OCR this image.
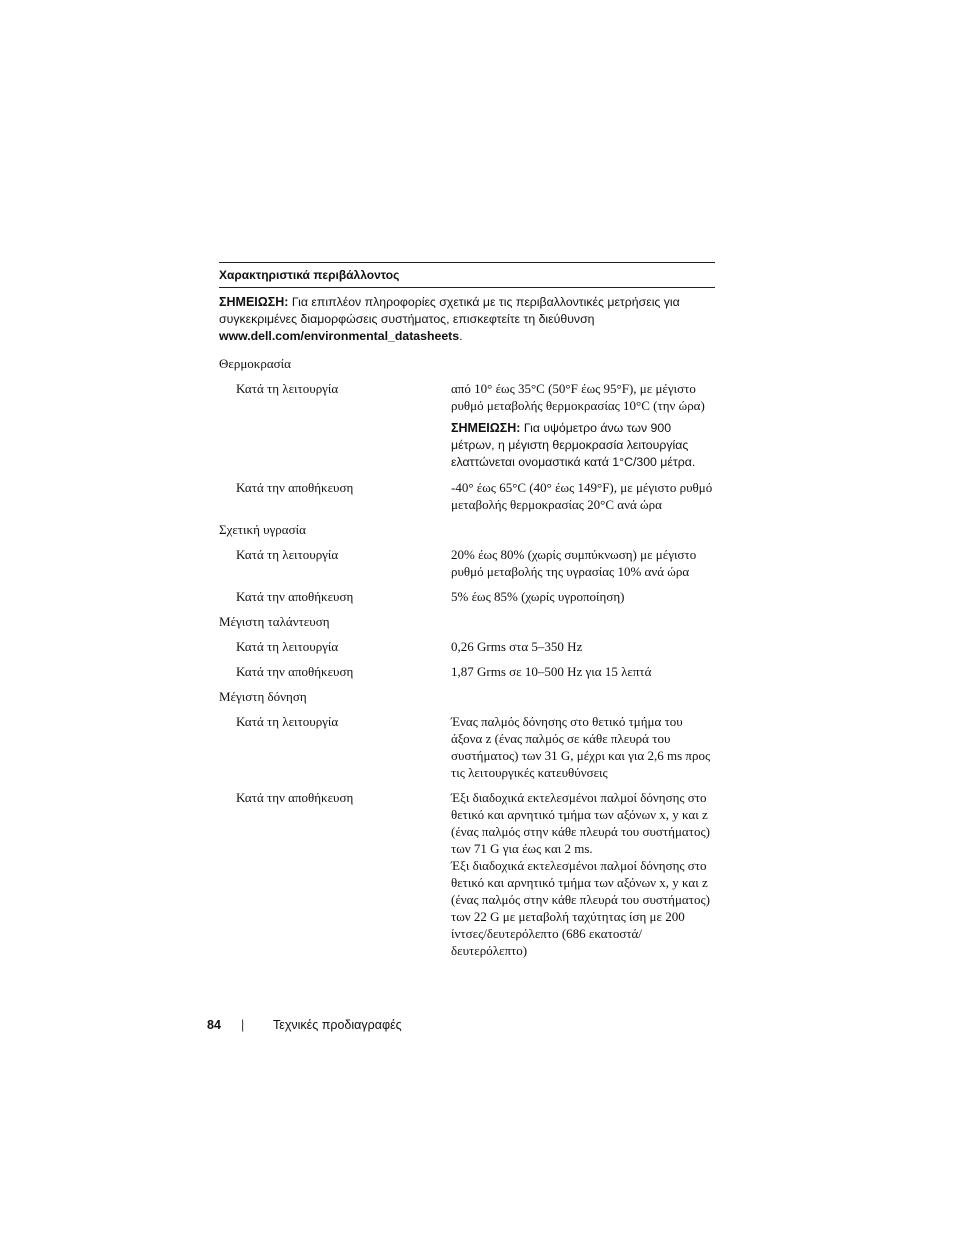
Χαρακτηριστικά περιβάλλοντος

ΣΗΜΕΙΩΣΗ: Για επιπλέον πληροφορίες σχετικά με τις περιβαλλοντικές μετρήσεις για συγκεκριμένες διαμορφώσεις συστήματος, επισκεφτείτε τη διεύθυνση www.dell.com/environmental_datasheets.

Θερμοκρασία
Κατά τη λειτουργία	από 10° έως 35°C (50°F έως 95°F), με μέγιστο ρυθμό μεταβολής θερμοκρασίας 10°C (την ώρα)

ΣΗΜΕΙΩΣΗ: Για υψόμετρο άνω των 900 μέτρων, η μέγιστη θερμοκρασία λειτουργίας ελαττώνεται ονομαστικά κατά 1°C/300 μέτρα.

Κατά την αποθήκευση	-40° έως 65°C (40° έως 149°F), με μέγιστο ρυθμό μεταβολής θερμοκρασίας 20°C ανά ώρα
Σχετική υγρασία
Κατά τη λειτουργία	20% έως 80% (χωρίς συμπύκνωση) με μέγιστο ρυθμό μεταβολής της υγρασίας 10% ανά ώρα
Κατά την αποθήκευση	5% έως 85% (χωρίς υγροποίηση)
Μέγιστη ταλάντευση
Κατά τη λειτουργία	0,26 Grms στα 5–350 Hz
Κατά την αποθήκευση	1,87 Grms σε 10–500 Hz για 15 λεπτά
Μέγιστη δόνηση
Κατά τη λειτουργία	Ένας παλμός δόνησης στο θετικό τμήμα του άξονα z (ένας παλμός σε κάθε πλευρά του συστήματος) των 31 G, μέχρι και για 2,6 ms προς τις λειτουργικές κατευθύνσεις
Κατά την αποθήκευση	Έξι διαδοχικά εκτελεσμένοι παλμοί δόνησης στο θετικό και αρνητικό τμήμα των αξόνων x, y και z (ένας παλμός στην κάθε πλευρά του συστήματος) των 71 G για έως και 2 ms.

Έξι διαδοχικά εκτελεσμένοι παλμοί δόνησης στο θετικό και αρνητικό τμήμα των αξόνων x, y και z (ένας παλμός στην κάθε πλευρά του συστήματος) των 22 G με μεταβολή ταχύτητας ίση με 200 ίντσες/δευτερόλεπτο (686 εκατοστά/δευτερόλεπτο)

84 | Τεχνικές προδιαγραφές
